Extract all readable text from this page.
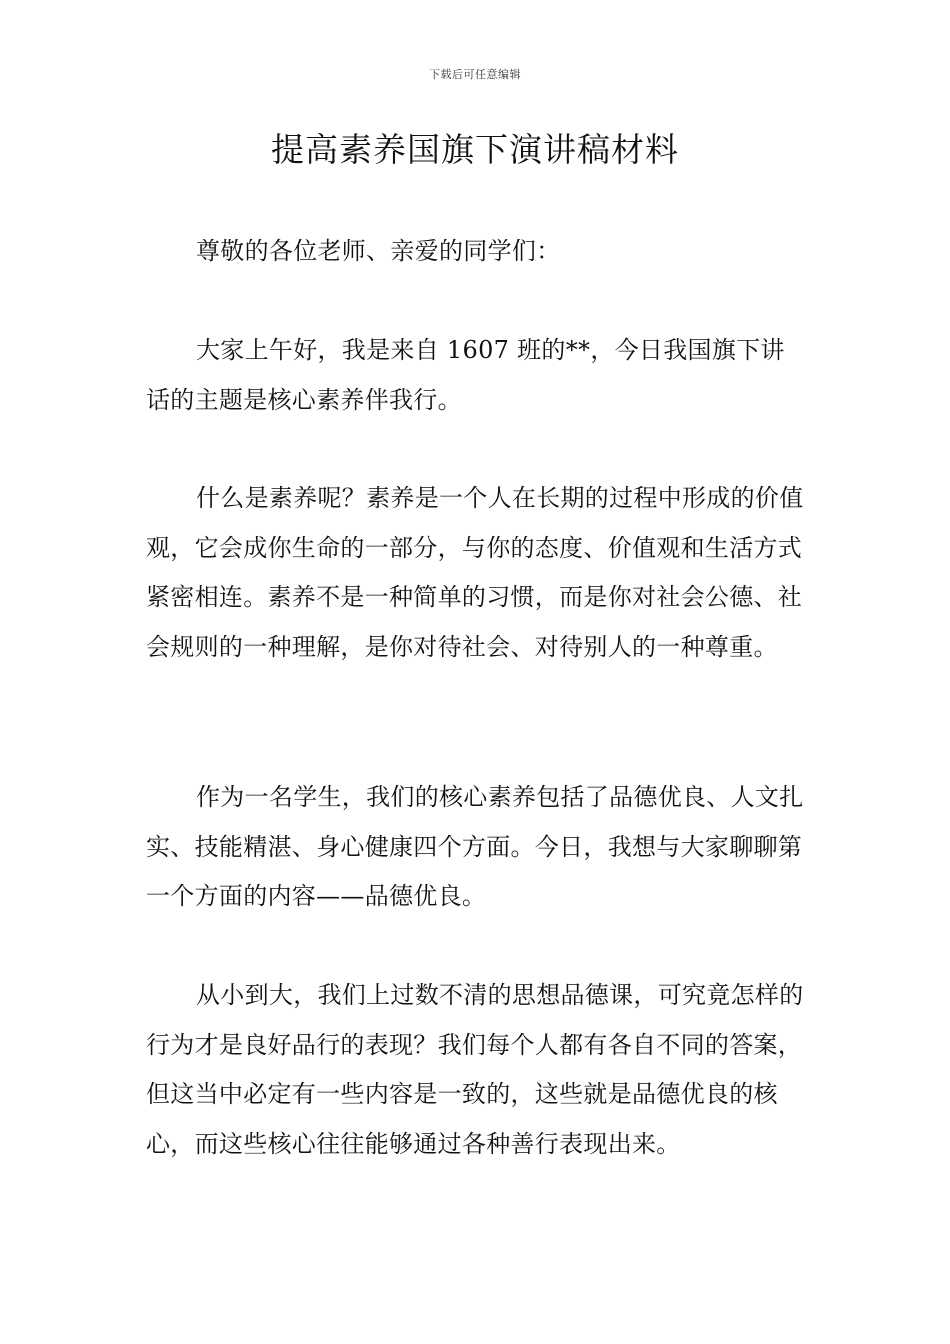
下载后可任意编辑
提高素养国旗下演讲稿材料

尊敬的各位老师、亲爱的同学们：

大家上午好，我是来自 1607 班的**，今日我国旗下讲话的主题是核心素养伴我行。

什么是素养呢？素养是一个人在长期的过程中形成的价值观，它会成你生命的一部分，与你的态度、价值观和生活方式紧密相连。素养不是一种简单的习惯，而是你对社会公德、社会规则的一种理解，是你对待社会、对待别人的一种尊重。

作为一名学生，我们的核心素养包括了品德优良、人文扎实、技能精湛、身心健康四个方面。今日，我想与大家聊聊第一个方面的内容——品德优良。

从小到大，我们上过数不清的思想品德课，可究竟怎样的行为才是良好品行的表现？我们每个人都有各自不同的答案，但这当中必定有一些内容是一致的，这些就是品德优良的核心，而这些核心往往能够通过各种善行表现出来。
